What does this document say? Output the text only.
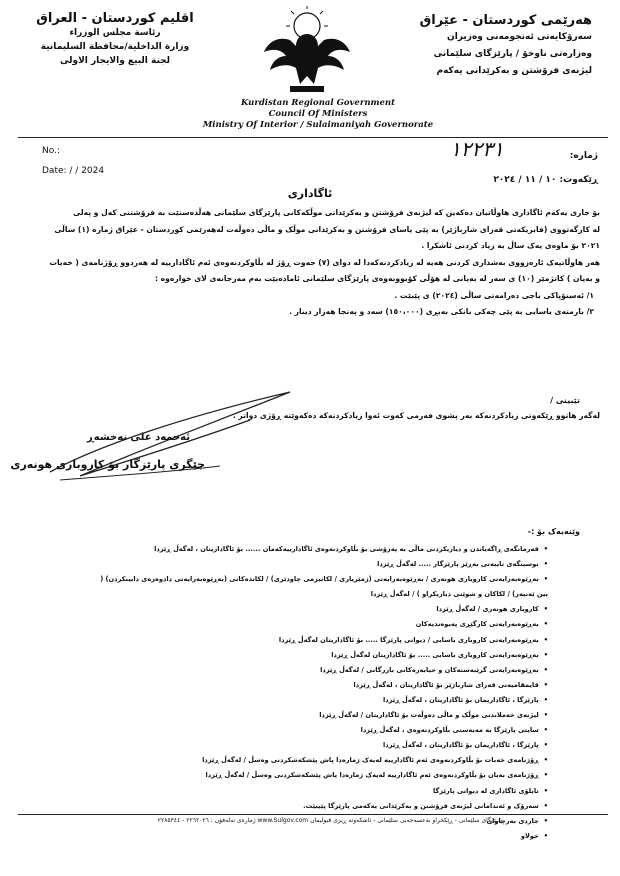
هەرێمی کوردستان - عێراق
سەرۆکایەتی ئەنجومەنی وەزیران
وەزارەتی ناوخۆ / پارێزگای سلێمانی
لیژنەی فرۆشتن و بەکرێدانی یەکەم
اقليم كوردستان - العراق
رئاسة مجلس الوزراء
وزارة الداخلية/محافظة السليمانية
لجنة البيع والايجار الاولى
Kurdistan Regional Government
Council Of Ministers
Ministry Of Interior / Sulaimaniyah Governorate
No.:
Date: / / 2024
ژمارە:
١٢٢٣١
ڕێکەوت: ١٠ / ١١ / ٢٠٢٤
ئاگاداری

بۆ جاری یەکەم ئاگاداری هاوڵاتیان دەکەین کە لیژنەی فرۆشتن و بەکرێدانی موڵکەکانی پارێزگای سلێمانی هەڵدەستێت بە فرۆشتنی کەل و پەلی

لە کارگەتووی (فابریکەتی قەزای شارباژێر) بە پێی یاسای فرۆشتن و بەکرێدانی موڵک و ماڵی دەوڵەت لەهەرێمی کوردستان - عێراق ژمارە (١) ساڵی

٢٠٢١ بۆ ماوەی یەک ساڵ بە زیاد کردنی ئاشکرا .

هەر هاوڵاتیەک ئارەزووی بەشداری کردنی هەیە لە زیادکردنەکەدا لە دوای (٧) حەوت ڕۆژ لە بڵاوکردنەوەی ئەم ئاگادارییە لە هەردوو ڕۆژنامەی ( خەبات

و بەیان ) کاتژمێر (١٠) ی سەر لە بەیانی لە هۆڵی کۆبوونەوەی پارێزگای سلێمانی ئامادەبێت بەم مەرجانەی لای خوارەوە :

١/ ئەستۆپاکی باجی دەرامەتی ساڵی (٢٠٢٤) ی پێبێت .

٢/ بارمتەی یاسایی بە پێی چەکی بانکی بەبڕی (١٥٠،٠٠٠) سەد و پەنجا هەزار دینار .

تێبینی /
لەگەر هاتوو ڕێکەوتی زیادکردنەکە بەر پشوی فەرمی کەوت ئەوا زیادکردنەکە دەکەوێتە ڕۆژی دواتر .
ئەحمەد علی نەخشەڕ
جێگری پارێزگار بۆ کاروباری هونەری
وێنەیەک بۆ :-
• فەرمانگەی ڕاگەیاندن و دیاریکردنی ماڵی بە پەرۆشی بۆ بڵاوکردنەوەی ئاگادارییەکەمان ...... بۆ ئاگاداریتان ، لەگەڵ ڕێزدا
• نوسینگەی تایبەتی بەڕێز پارێزگار ..... لەگەڵ ڕێزدا
• بەڕێوەبەرایەتی کاروباری هونەری / بەڕێوەبەرایەتی (ژمێریاری / لکانیزمی چاودێری) / لکاندەکانی (بەڕێوەبەرایەتی دادوەرەی دابینکردن) ( بین ێەنیەر) / لکاکان و شوێنی دیاریکراو ) / لەگەڵ ڕێزدا
• کاروباری هونەری / لەگەڵ ڕێزدا
• بەڕێوەبەرایەتی کارگێڕی پەیوەندیەکان
• بەڕێوەبەرایەتی کاروباری یاسایی / دیوانی پارێزگا ..... بۆ ئاگاداریتان لەگەڵ ڕێزدا
• بەڕێوەبەرایەتی کاروباری یاسایی ..... بۆ ئاگاداریتان لەگەڵ ڕێزدا
• بەڕێوەبەرایەتی گرێبەستەکان و حیابەرەکانی بازرگانی / لەگەڵ ڕێزدا
• قایمقامیەتی قەزای شارباژێر بۆ ئاگاداریتان ، لەگەڵ ڕێزدا
• پارێزگا ، ئاگاداریمان بۆ ئاگاداریتان ، لەگەڵ ڕێزدا
• لیژنەی خەملاندنی موڵک و ماڵی دەوڵەت بۆ ئاگاداریتان / لەگەڵ ڕێزدا
• سایتی پارێزگا بە مەبەستی بڵاوکردنەوەی ، لەگەڵ ڕێزدا
• پارێزگا ، ئاگاداریمان بۆ ئاگاداریتان ، لەگەڵ ڕێزدا
• ڕۆژنامەی خەبات بۆ بڵاوکردنەوەی ئەم ئاگادارییە لەیەک ژمارەدا پاش پێشکەشکردنی وەسڵ / لەگەڵ ڕێزدا
• ڕۆژنامەی بەیان بۆ بڵاوکردنەوەی ئەم ئاگادارییە لەیەک ژمارەدا پاش پێشکەشکردنی وەسڵ / لەگەڵ ڕێزدا
• تابلۆی ئاگاداری لە دیوانی پارێزگا
• سەرۆک و ئەندامانی لیژنەی فرۆشتن و بەکرێدانی یەکەمی پارێزگا پێیبێت.
• جاردی بەرچاوان
• خولاو
پارێزگای سلێمانی - ڕێکخراو بەعسەجەبی سلێمانی - ئاشکەوتە ڕیزی قبولیمان www.Sulgov.com ژمارەی تەلەفۆن : ٢٢٦٢٠٢٦ - ٢٢٨٥٣٤٤
